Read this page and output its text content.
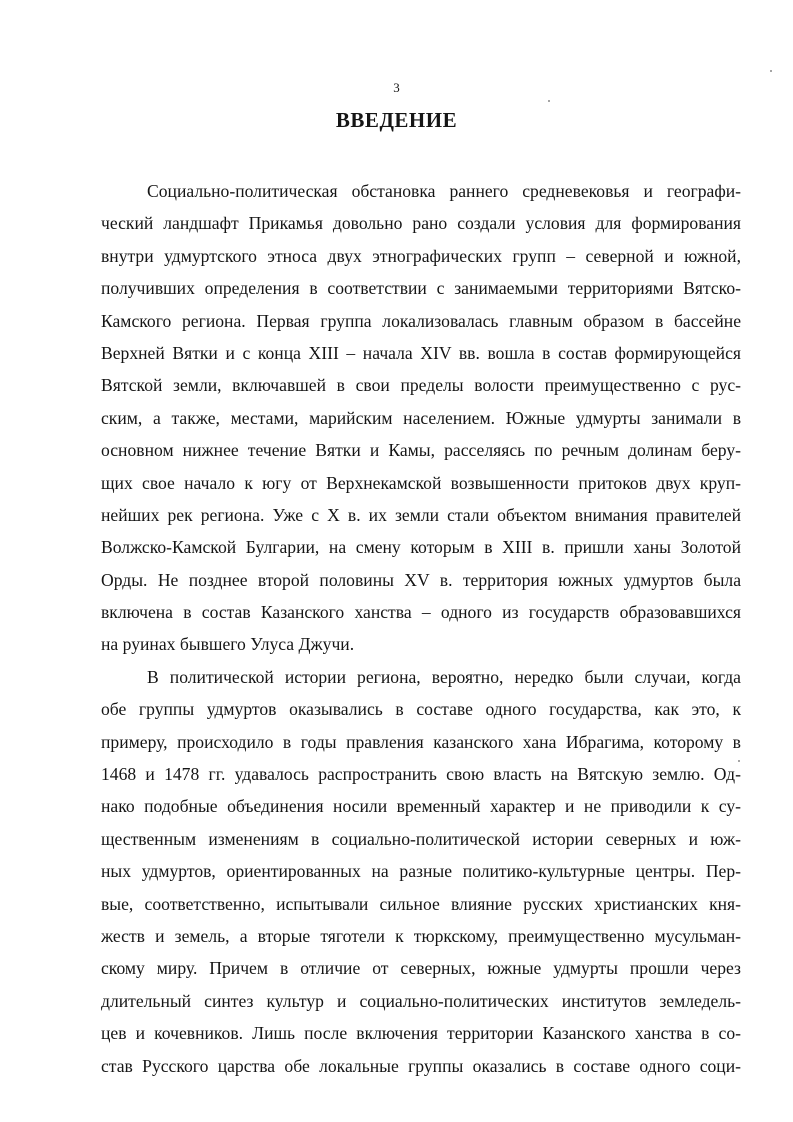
3
ВВЕДЕНИЕ
Социально-политическая обстановка раннего средневековья и географи-
ческий ландшафт Прикамья довольно рано создали условия для формирования
внутри удмуртского этноса двух этнографических групп – северной и южной,
получивших определения в соответствии с занимаемыми территориями Вятско-
Камского региона. Первая группа локализовалась главным образом в бассейне
Верхней Вятки и с конца XIII – начала XIV вв. вошла в состав формирующейся
Вятской земли, включавшей в свои пределы волости преимущественно с рус-
ским, а также, местами, марийским населением. Южные удмурты занимали в
основном нижнее течение Вятки и Камы, расселяясь по речным долинам беру-
щих свое начало к югу от Верхнекамской возвышенности притоков двух круп-
нейших рек региона. Уже с X в. их земли стали объектом внимания правителей
Волжско-Камской Булгарии, на смену которым в XIII в. пришли ханы Золотой
Орды. Не позднее второй половины XV в. территория южных удмуртов была
включена в состав Казанского ханства – одного из государств образовавшихся
на руинах бывшего Улуса Джучи.
В политической истории региона, вероятно, нередко были случаи, когда
обе группы удмуртов оказывались в составе одного государства, как это, к
примеру, происходило в годы правления казанского хана Ибрагима, которому в
1468 и 1478 гг. удавалось распространить свою власть на Вятскую землю. Од-
нако подобные объединения носили временный характер и не приводили к су-
щественным изменениям в социально-политической истории северных и юж-
ных удмуртов, ориентированных на разные политико-культурные центры. Пер-
вые, соответственно, испытывали сильное влияние русских христианских кня-
жеств и земель, а вторые тяготели к тюркскому, преимущественно мусульман-
скому миру. Причем в отличие от северных, южные удмурты прошли через
длительный синтез культур и социально-политических институтов земледель-
цев и кочевников. Лишь после включения территории Казанского ханства в со-
став Русского царства обе локальные группы оказались в составе одного соци-
